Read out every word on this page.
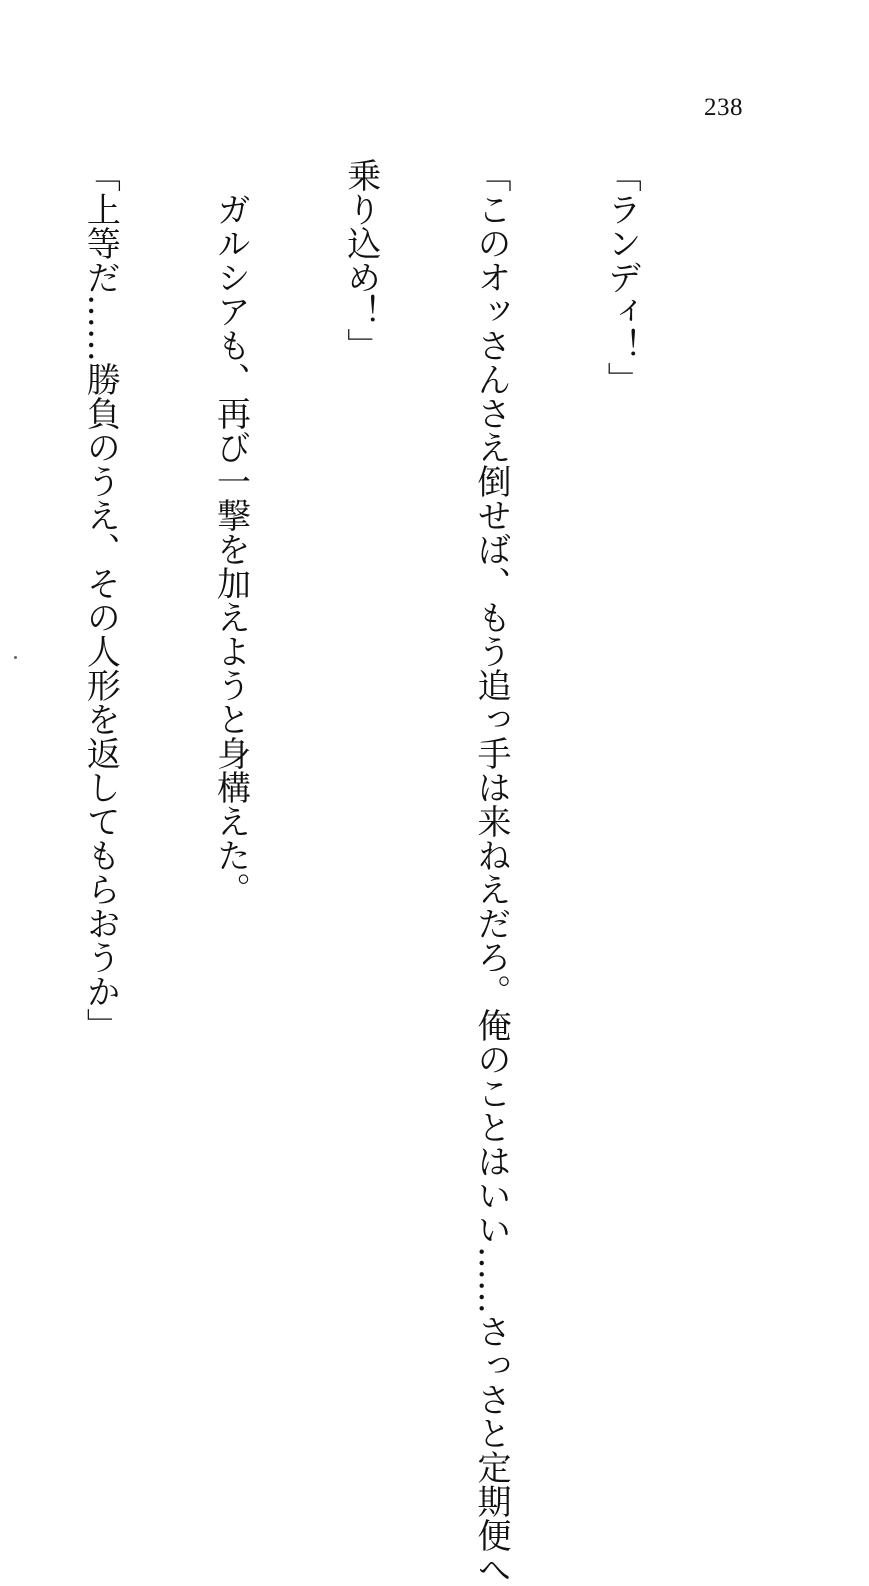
238

「ランディ！」

「このオッさんさえ倒せば、もう追っ手は来ねえだろ。俺のことはいい……さっさと定期便へ

乗り込め！」

　ガルシアも、再び一撃を加えようと身構えた。

「上等だ……勝負のうえ、その人形を返してもらおうか」
